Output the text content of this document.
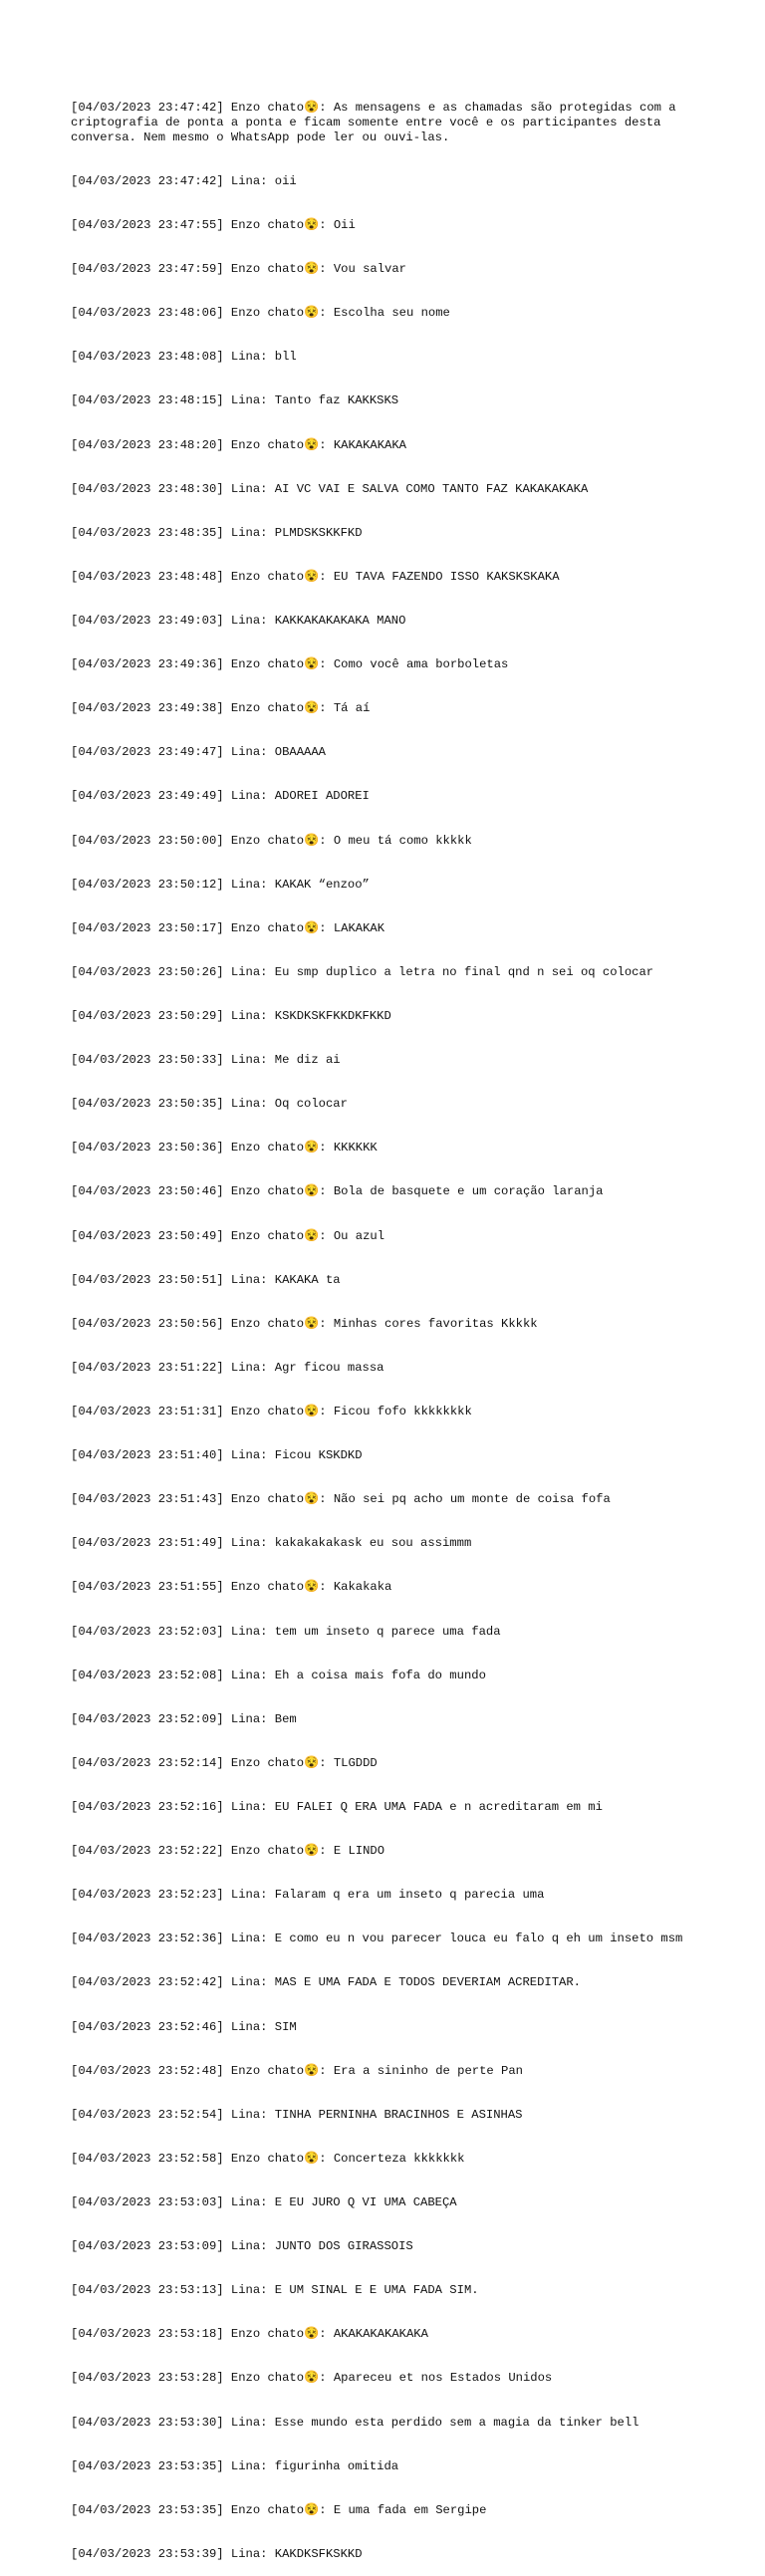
[04/03/2023 23:47:42] Enzo chato😵: As mensagens e as chamadas são protegidas com a criptografia de ponta a ponta e ficam somente entre você e os participantes desta conversa. Nem mesmo o WhatsApp pode ler ou ouvi-las.

[04/03/2023 23:47:42] Lina: oii

[04/03/2023 23:47:55] Enzo chato😵: Oii

[04/03/2023 23:47:59] Enzo chato😵: Vou salvar

[04/03/2023 23:48:06] Enzo chato😵: Escolha seu nome

[04/03/2023 23:48:08] Lina: bll

[04/03/2023 23:48:15] Lina: Tanto faz KAKKSKS

[04/03/2023 23:48:20] Enzo chato😵: KAKAKAKAKA

[04/03/2023 23:48:30] Lina: AI VC VAI E SALVA COMO TANTO FAZ KAKAKAKAKA

[04/03/2023 23:48:35] Lina: PLMDSKSKKFKD

[04/03/2023 23:48:48] Enzo chato😵: EU TAVA FAZENDO ISSO KAKSKSKAKA

[04/03/2023 23:49:03] Lina: KAKKAKAKAKAKA MANO

[04/03/2023 23:49:36] Enzo chato😵: Como você ama borboletas

[04/03/2023 23:49:38] Enzo chato😵: Tá aí

[04/03/2023 23:49:47] Lina: OBAAAAA

[04/03/2023 23:49:49] Lina: ADOREI ADOREI

[04/03/2023 23:50:00] Enzo chato😵: O meu tá como kkkkk

[04/03/2023 23:50:12] Lina: KAKAK “enzoo”

[04/03/2023 23:50:17] Enzo chato😵: LAKAKAK

[04/03/2023 23:50:26] Lina: Eu smp duplico a letra no final qnd n sei oq colocar

[04/03/2023 23:50:29] Lina: KSKDKSKFKKDKFKKD

[04/03/2023 23:50:33] Lina: Me diz ai

[04/03/2023 23:50:35] Lina: Oq colocar

[04/03/2023 23:50:36] Enzo chato😵: KKKKKK

[04/03/2023 23:50:46] Enzo chato😵: Bola de basquete e um coração laranja

[04/03/2023 23:50:49] Enzo chato😵: Ou azul

[04/03/2023 23:50:51] Lina: KAKAKA ta

[04/03/2023 23:50:56] Enzo chato😵: Minhas cores favoritas Kkkkk

[04/03/2023 23:51:22] Lina: Agr ficou massa

[04/03/2023 23:51:31] Enzo chato😵: Ficou fofo kkkkkkkk

[04/03/2023 23:51:40] Lina: Ficou KSKDKD

[04/03/2023 23:51:43] Enzo chato😵: Não sei pq acho um monte de coisa fofa

[04/03/2023 23:51:49] Lina: kakakakakask eu sou assimmm

[04/03/2023 23:51:55] Enzo chato😵: Kakakaka

[04/03/2023 23:52:03] Lina: tem um inseto q parece uma fada

[04/03/2023 23:52:08] Lina: Eh a coisa mais fofa do mundo

[04/03/2023 23:52:09] Lina: Bem

[04/03/2023 23:52:14] Enzo chato😵: TLGDDD

[04/03/2023 23:52:16] Lina: EU FALEI Q ERA UMA FADA e n acreditaram em mi

[04/03/2023 23:52:22] Enzo chato😵: E LINDO

[04/03/2023 23:52:23] Lina: Falaram q era um inseto q parecia uma

[04/03/2023 23:52:36] Lina: E como eu n vou parecer louca eu falo q eh um inseto msm

[04/03/2023 23:52:42] Lina: MAS E UMA FADA E TODOS DEVERIAM ACREDITAR.

[04/03/2023 23:52:46] Lina: SIM

[04/03/2023 23:52:48] Enzo chato😵: Era a sininho de perte Pan

[04/03/2023 23:52:54] Lina: TINHA PERNINHA BRACINHOS E ASINHAS

[04/03/2023 23:52:58] Enzo chato😵: Concerteza kkkkkkk

[04/03/2023 23:53:03] Lina: E EU JURO Q VI UMA CABEÇA

[04/03/2023 23:53:09] Lina: JUNTO DOS GIRASSOIS

[04/03/2023 23:53:13] Lina: E UM SINAL E E UMA FADA SIM.

[04/03/2023 23:53:18] Enzo chato😵: AKAKAKAKAKAKA

[04/03/2023 23:53:28] Enzo chato😵: Apareceu et nos Estados Unidos

[04/03/2023 23:53:30] Lina: Esse mundo esta perdido sem a magia da tinker bell

[04/03/2023 23:53:35] Lina: figurinha omitida

[04/03/2023 23:53:35] Enzo chato😵: E uma fada em Sergipe

[04/03/2023 23:53:39] Lina: KAKDKSFKSKKD
